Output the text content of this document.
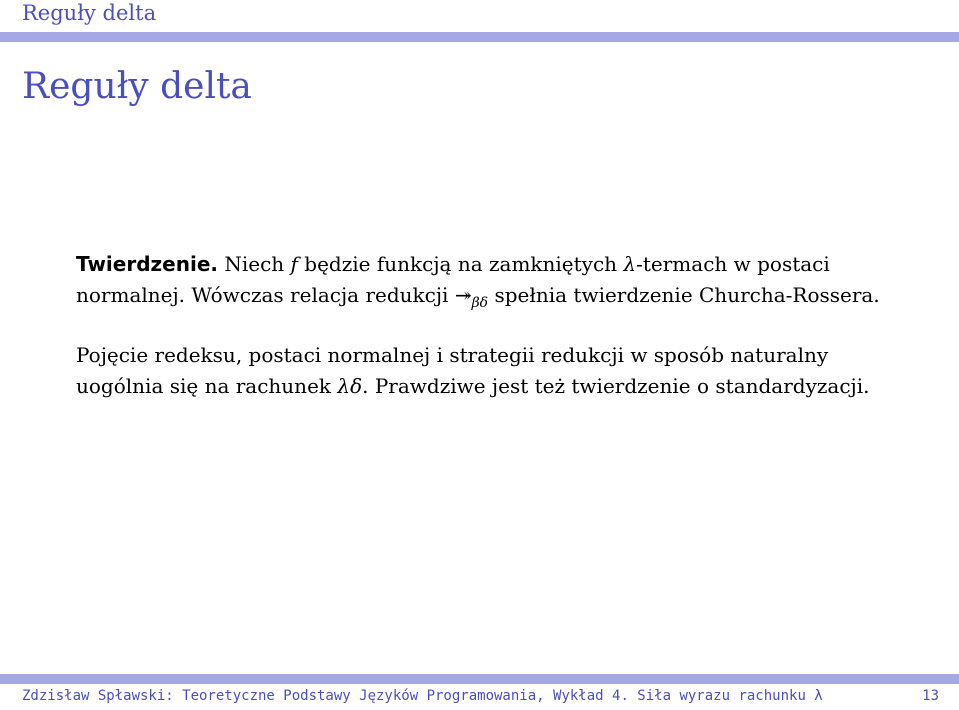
Reguły delta
Reguły delta

Twierdzenie. Niech f będzie funkcją na zamkniętych λ-termach w postaci normalnej. Wówczas relacja redukcji $↠_{\beta\delta}$ spełnia twierdzenie Churcha-Rossera.

Pojęcie redeksu, postaci normalnej i strategii redukcji w sposób naturalny uogólnia się na rachunek λδ. Prawdziwe jest też twierdzenie o standardyzacji.

Zdzisław Spławski: Teoretyczne Podstawy Języków Programowania, Wykład 4. Siła wyrazu rachunku λ	13
